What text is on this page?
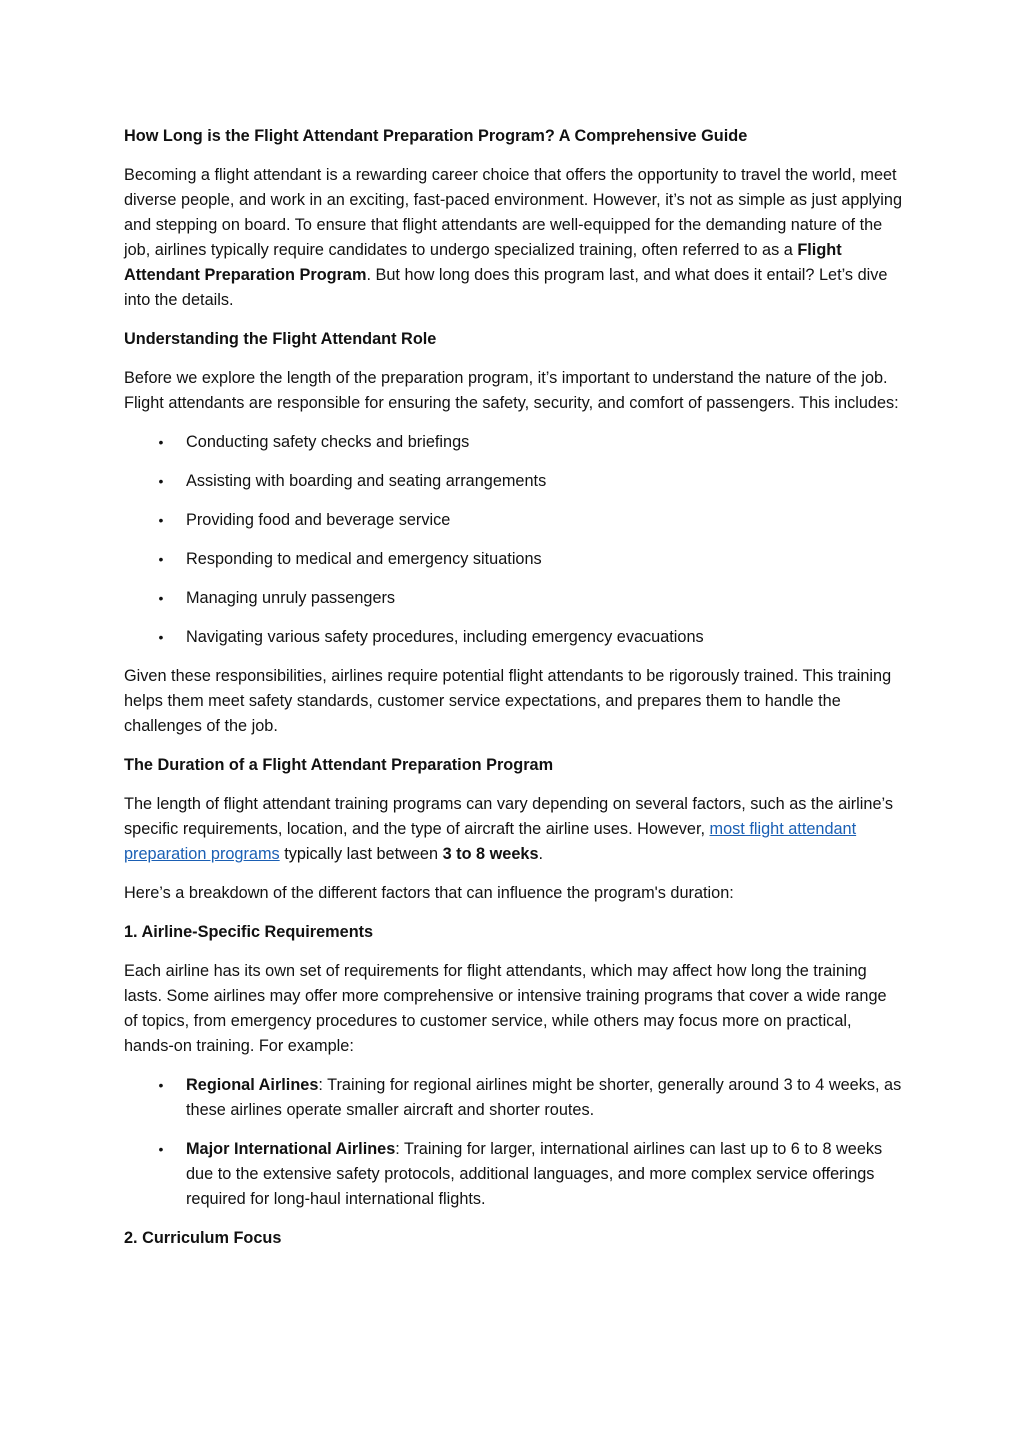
How Long is the Flight Attendant Preparation Program? A Comprehensive Guide

Becoming a flight attendant is a rewarding career choice that offers the opportunity to travel the world, meet diverse people, and work in an exciting, fast-paced environment. However, it’s not as simple as just applying and stepping on board. To ensure that flight attendants are well-equipped for the demanding nature of the job, airlines typically require candidates to undergo specialized training, often referred to as a Flight Attendant Preparation Program. But how long does this program last, and what does it entail? Let’s dive into the details.

Understanding the Flight Attendant Role

Before we explore the length of the preparation program, it’s important to understand the nature of the job. Flight attendants are responsible for ensuring the safety, security, and comfort of passengers. This includes:

• Conducting safety checks and briefings
• Assisting with boarding and seating arrangements
• Providing food and beverage service
• Responding to medical and emergency situations
• Managing unruly passengers
• Navigating various safety procedures, including emergency evacuations

Given these responsibilities, airlines require potential flight attendants to be rigorously trained. This training helps them meet safety standards, customer service expectations, and prepares them to handle the challenges of the job.

The Duration of a Flight Attendant Preparation Program

The length of flight attendant training programs can vary depending on several factors, such as the airline’s specific requirements, location, and the type of aircraft the airline uses. However, most flight attendant preparation programs typically last between 3 to 8 weeks.

Here’s a breakdown of the different factors that can influence the program's duration:

1. Airline-Specific Requirements

Each airline has its own set of requirements for flight attendants, which may affect how long the training lasts. Some airlines may offer more comprehensive or intensive training programs that cover a wide range of topics, from emergency procedures to customer service, while others may focus more on practical, hands-on training. For example:

• Regional Airlines: Training for regional airlines might be shorter, generally around 3 to 4 weeks, as these airlines operate smaller aircraft and shorter routes.
• Major International Airlines: Training for larger, international airlines can last up to 6 to 8 weeks due to the extensive safety protocols, additional languages, and more complex service offerings required for long-haul international flights.
2. Curriculum Focus
